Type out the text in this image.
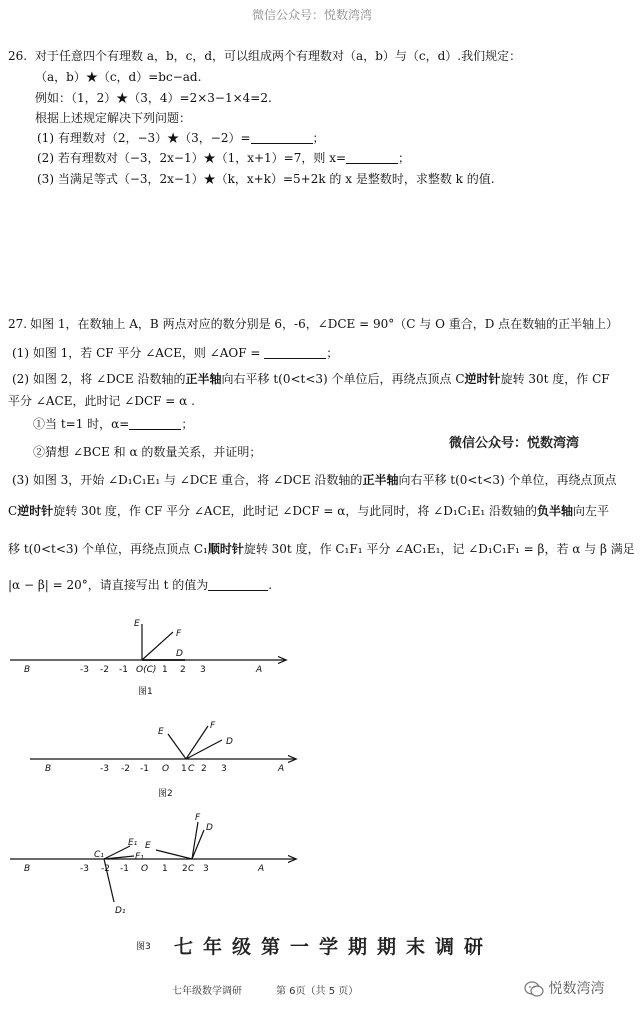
微信公众号：悦数湾湾
26. 对于任意四个有理数 a，b，c，d，可以组成两个有理数对（a，b）与（c，d）.我们规定：
（a，b）★（c，d）=bc−ad.
例如：（1，2）★（3，4）=2×3−1×4=2.
根据上述规定解决下列问题：
(1) 有理数对（2，−3）★（3，−2）=	；
(2) 若有理数对（−3，2x−1）★（1，x+1）=7，则 x=	；
(3) 当满足等式（−3，2x−1）★（k，x+k）=5+2k 的 x 是整数时，求整数 k 的值.
27. 如图 1，在数轴上 A，B 两点对应的数分别是 6，-6，∠DCE = 90°（C 与 O 重合，D 点在数轴的正半轴上）
(1) 如图 1，若 CF 平分 ∠ACE，则 ∠AOF =	；
(2) 如图 2，将 ∠DCE 沿数轴的正半轴向右平移 t(0<t<3) 个单位后，再绕点顶点 C逆时针旋转 30t 度，作 CF
平分 ∠ACE，此时记 ∠DCF = α .
①当 t=1 时，α=	；
②猜想 ∠BCE 和 α 的数量关系，并证明；
微信公众号：悦数湾湾
(3) 如图 3，开始 ∠D₁C₁E₁ 与 ∠DCE 重合，将 ∠DCE 沿数轴的正半轴向右平移 t(0<t<3) 个单位，再绕点顶点
C逆时针旋转 30t 度，作 CF 平分 ∠ACE，此时记 ∠DCF = α，与此同时，将 ∠D₁C₁E₁ 沿数轴的负半轴向左平
移 t(0<t<3) 个单位，再绕点顶点 C₁顺时针旋转 30t 度，作 C₁F₁ 平分 ∠AC₁E₁，记 ∠D₁C₁F₁ = β，若 α 与 β 满足
|α − β| = 20°，请直接写出 t 的值为	.
E
F
D
B	-3 -2 -1 O(C) 1 2 3	A
图1
E
F
D
B	-3 -2 -1 O 1 C 2 3	A
图2
C₁
E₁
F₁
D₁
E
F
D
B	-3 -2 -1 O 1 2 C 3	A
图3 七年级第一学期期末调研
七年级数学调研	第 6页（共 5 页）	悦数湾湾
